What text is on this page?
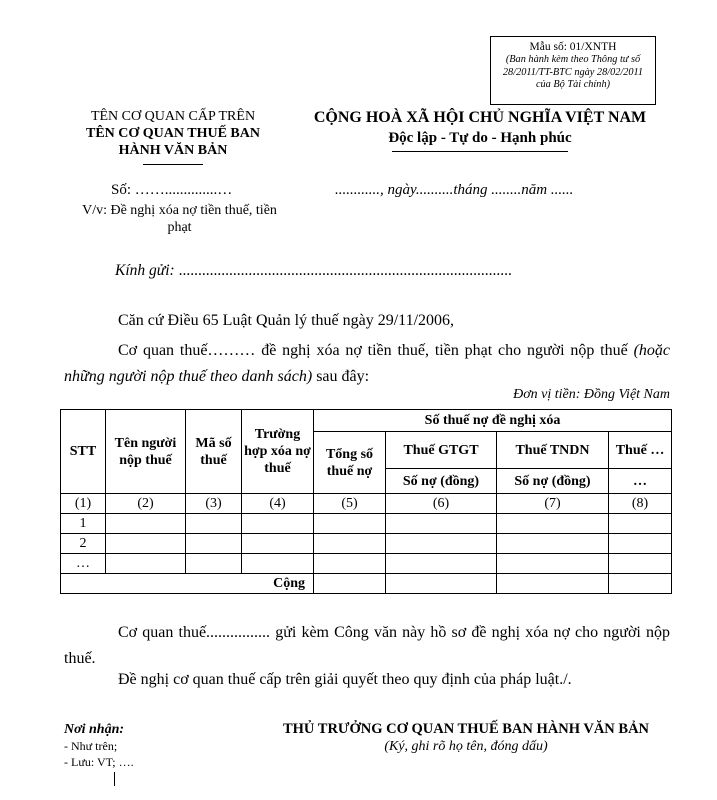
Mẫu số: 01/XNTH
(Ban hành kèm theo Thông tư số 28/2011/TT-BTC ngày 28/02/2011 của Bộ Tài chính)
TÊN CƠ QUAN CẤP TRÊN
TÊN CƠ QUAN THUẾ BAN
HÀNH VĂN BẢN
CỘNG HOÀ XÃ HỘI CHỦ NGHĨA VIỆT NAM
Độc lập - Tự do - Hạnh phúc
Số: ……..............…
V/v: Đề nghị xóa nợ tiền thuế, tiền phạt
............, ngày..........tháng ........năm ......
Kính gửi: ......................................................................................
Căn cứ Điều 65 Luật Quản lý thuế ngày 29/11/2006,
Cơ quan thuế……… đề nghị xóa nợ tiền thuế, tiền phạt cho người nộp thuế (hoặc những người nộp thuế theo danh sách) sau đây:
Đơn vị tiền: Đồng Việt Nam
STT	Tên người nộp thuế	Mã số thuế	Trường hợp xóa nợ thuế	Số thuế nợ đề nghị xóa			
				Tổng số thuế nợ	Thuế GTGT	Thuế TNDN	Thuế …
					Số nợ (đồng)	Số nợ (đồng)	…
(1)	(2)	(3)	(4)	(5)	(6)	(7)	(8)
1							
2							
…							
Cộng							
Cơ quan thuế................ gửi kèm Công văn này hồ sơ đề nghị xóa nợ cho người nộp thuế.
Đề nghị cơ quan thuế cấp trên giải quyết theo quy định của pháp luật./.
Nơi nhận:
- Như trên;
- Lưu: VT; ….
THỦ TRƯỞNG CƠ QUAN THUẾ BAN HÀNH VĂN BẢN
(Ký, ghi rõ họ tên, đóng dấu)
